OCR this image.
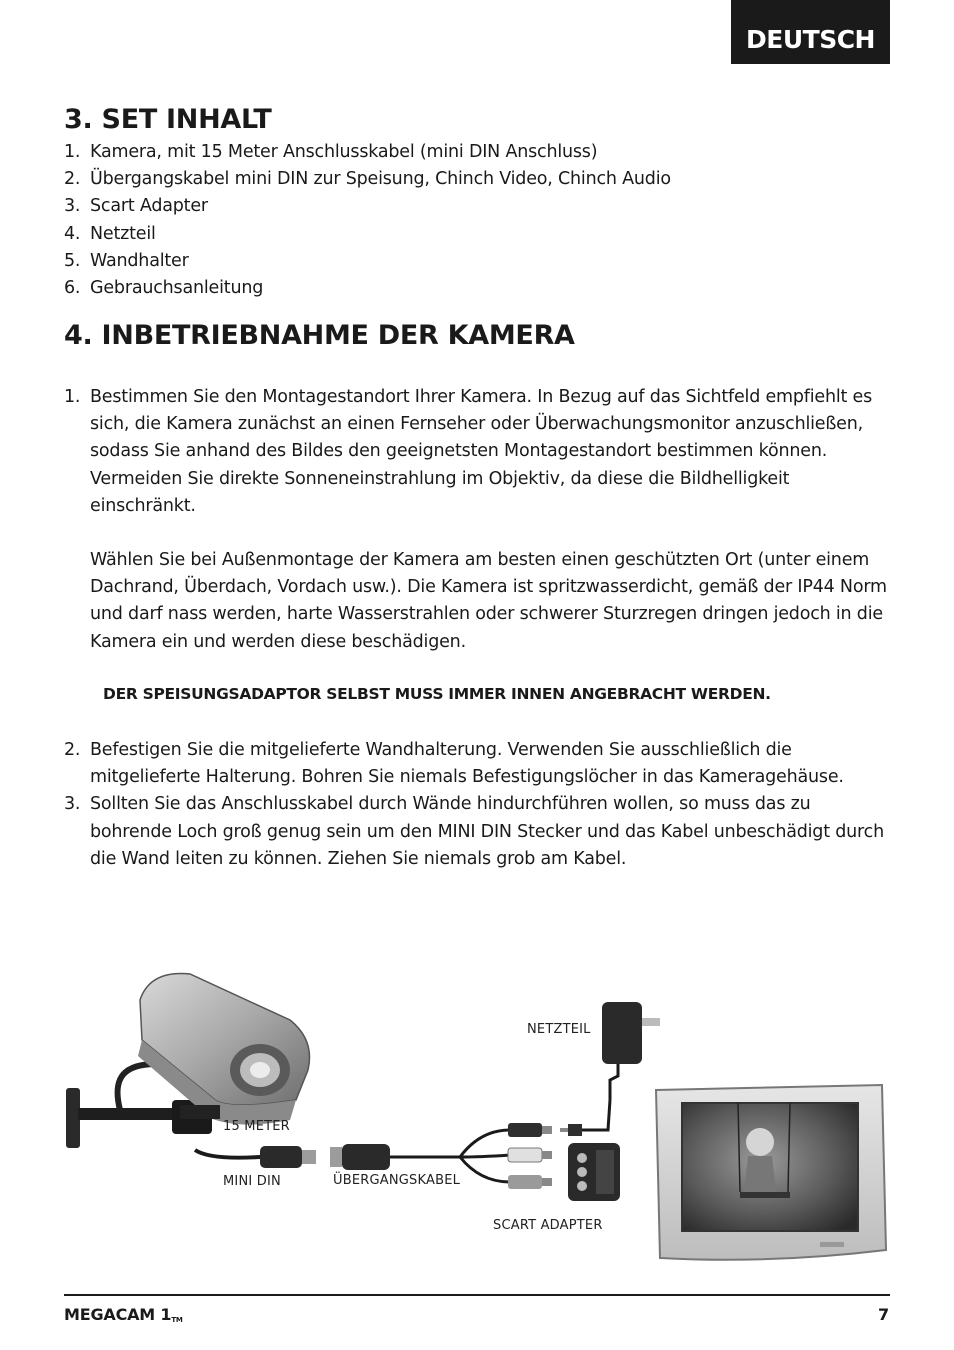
DEUTSCH
3. SET INHALT
1. Kamera, mit 15 Meter Anschlusskabel (mini DIN Anschluss)
2. Übergangskabel mini DIN zur Speisung, Chinch Video, Chinch Audio
3. Scart Adapter
4. Netzteil
5. Wandhalter
6. Gebrauchsanleitung
4. INBETRIEBNAHME DER KAMERA
1. Bestimmen Sie den Montagestandort Ihrer Kamera. In Bezug auf das Sichtfeld empfiehlt es sich, die Kamera zunächst an einen Fernseher oder Überwachungsmonitor anzuschließen, sodass Sie anhand des Bildes den geeignetsten Montagestandort bestimmen können. Vermeiden Sie direkte Sonneneinstrahlung im Objektiv, da diese die Bildhelligkeit einschränkt.

Wählen Sie bei Außenmontage der Kamera am besten einen geschützten Ort (unter einem Dachrand, Überdach, Vordach usw.). Die Kamera ist spritzwasserdicht, gemäß der IP44 Norm und darf nass werden, harte Wasserstrahlen oder schwerer Sturzregen dringen jedoch in die Kamera ein und werden diese beschädigen.

DER SPEISUNGSADAPTOR SELBST MUSS IMMER INNEN ANGEBRACHT WERDEN.

2. Befestigen Sie die mitgelieferte Wandhalterung. Verwenden Sie ausschließlich die mitgelieferte Halterung. Bohren Sie niemals Befestigungslöcher in das Kameragehäuse.
3. Sollten Sie das Anschlusskabel durch Wände hindurchführen wollen, so muss das zu bohrende Loch groß genug sein um den MINI DIN Stecker und das Kabel unbeschädigt durch die Wand leiten zu können. Ziehen Sie niemals grob am Kabel.
NETZTEIL
15 METER
MINI DIN	ÜBERGANGSKABEL
SCART ADAPTER
MEGACAM 1TM	7
